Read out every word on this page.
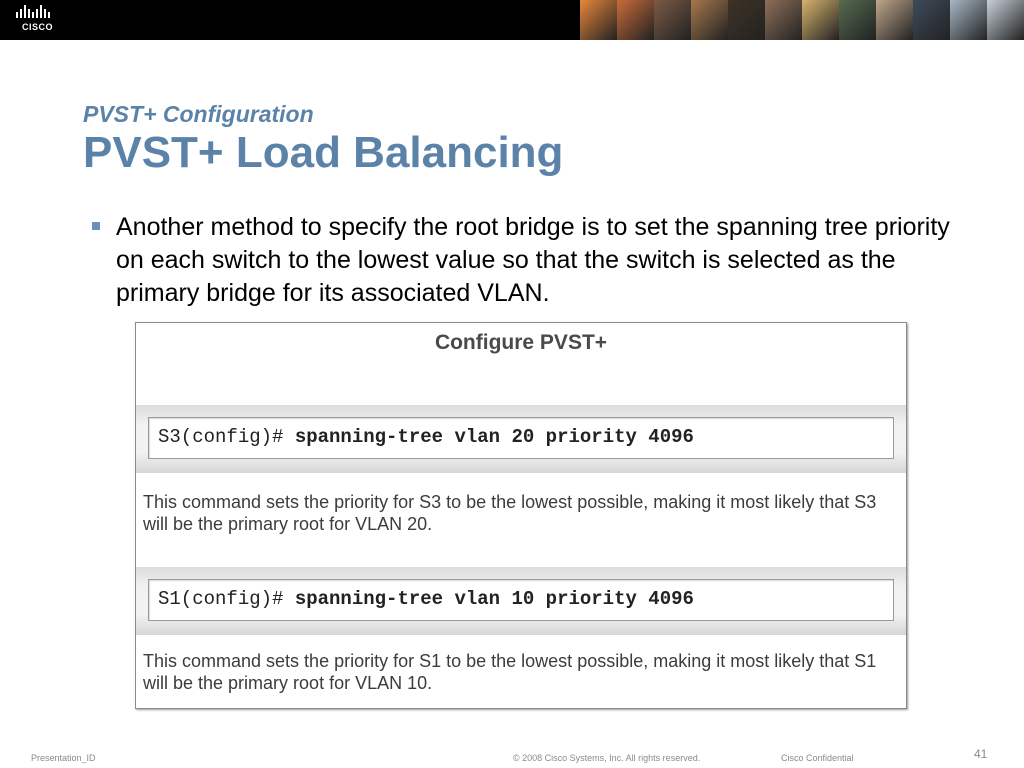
CISCO
PVST+ Configuration
PVST+ Load Balancing
Another method to specify the root bridge is to set the spanning tree priority on each switch to the lowest value so that the switch is selected as the primary bridge for its associated VLAN.
Configure PVST+
S3(config)# spanning-tree vlan 20 priority 4096
This command sets the priority for S3 to be the lowest possible, making it most likely that S3 will be the primary root for VLAN 20.
S1(config)# spanning-tree vlan 10 priority 4096
This command sets the priority for S1 to be the lowest possible, making it most likely that S1 will be the primary root for VLAN 10.
Presentation_ID	© 2008 Cisco Systems, Inc. All rights reserved.	Cisco Confidential	41
